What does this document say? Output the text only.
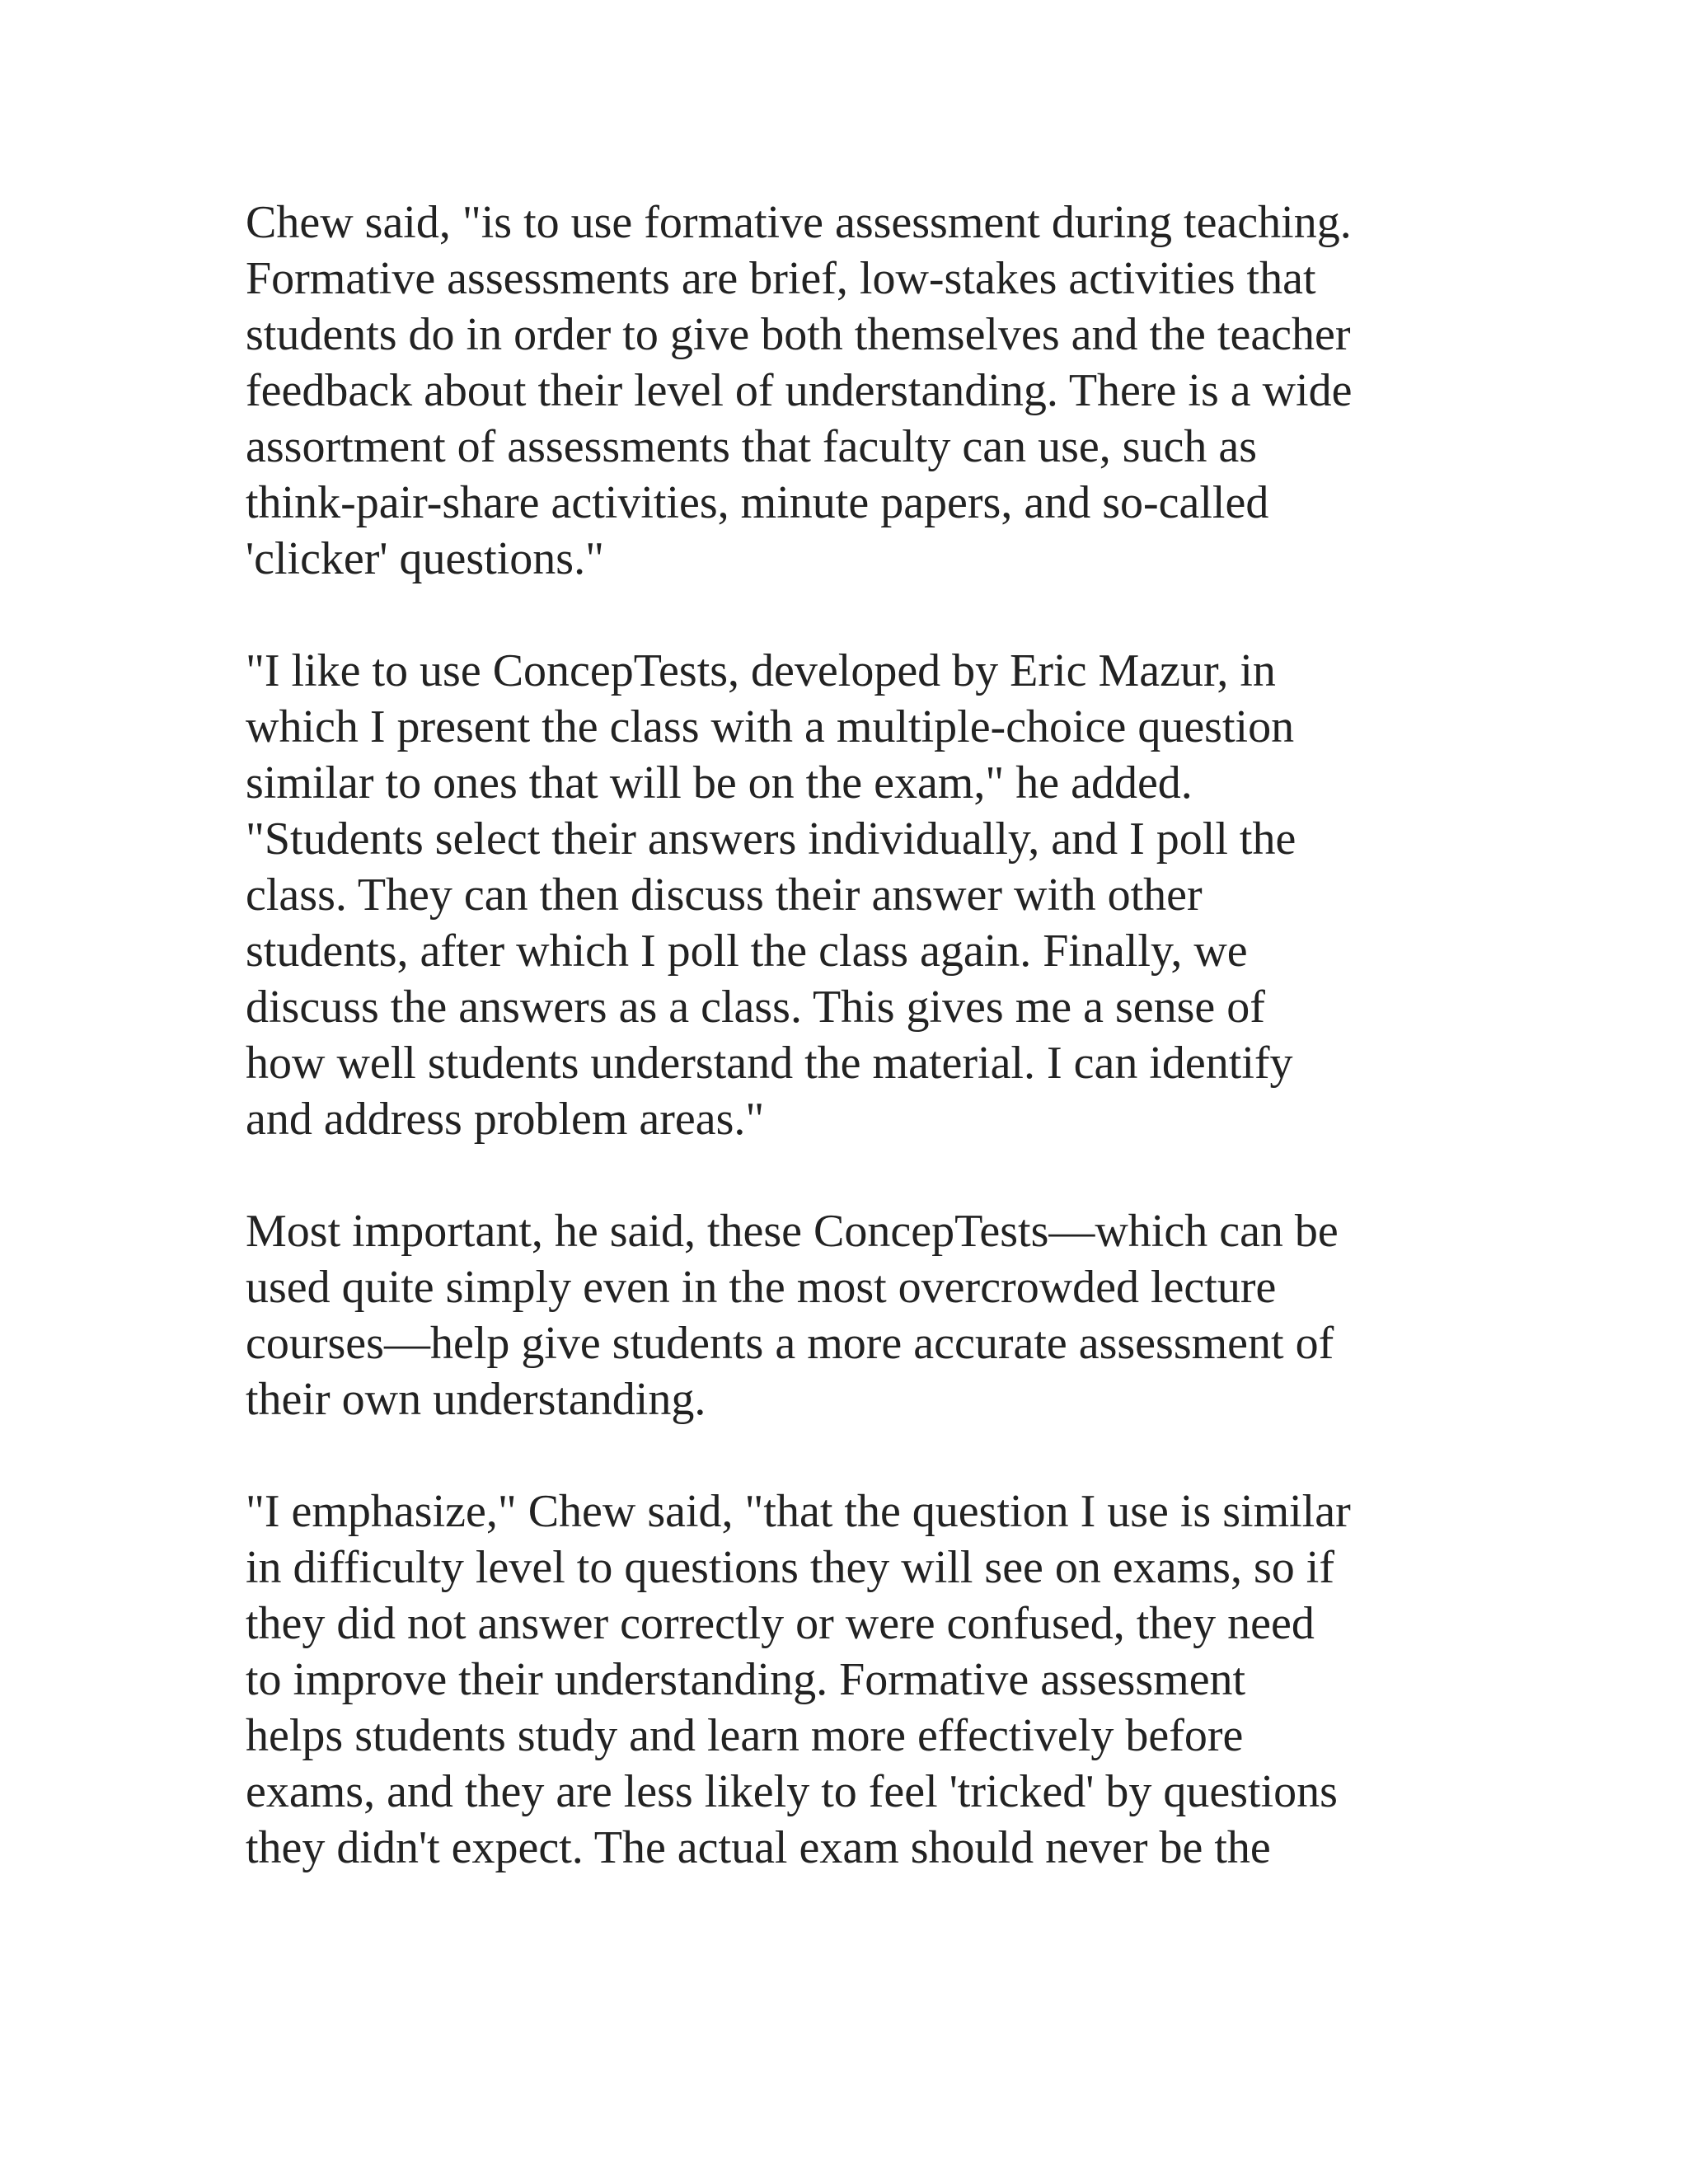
Chew said, "is to use formative assessment during teaching.
Formative assessments are brief, low-stakes activities that
students do in order to give both themselves and the teacher
feedback about their level of understanding. There is a wide
assortment of assessments that faculty can use, such as
think-pair-share activities, minute papers, and so-called
'clicker' questions."

"I like to use ConcepTests, developed by Eric Mazur, in
which I present the class with a multiple-choice question
similar to ones that will be on the exam," he added.
"Students select their answers individually, and I poll the
class. They can then discuss their answer with other
students, after which I poll the class again. Finally, we
discuss the answers as a class. This gives me a sense of
how well students understand the material. I can identify
and address problem areas."

Most important, he said, these ConcepTests—which can be
used quite simply even in the most overcrowded lecture
courses—help give students a more accurate assessment of
their own understanding.

"I emphasize," Chew said, "that the question I use is similar
in difficulty level to questions they will see on exams, so if
they did not answer correctly or were confused, they need
to improve their understanding. Formative assessment
helps students study and learn more effectively before
exams, and they are less likely to feel 'tricked' by questions
they didn't expect. The actual exam should never be the
